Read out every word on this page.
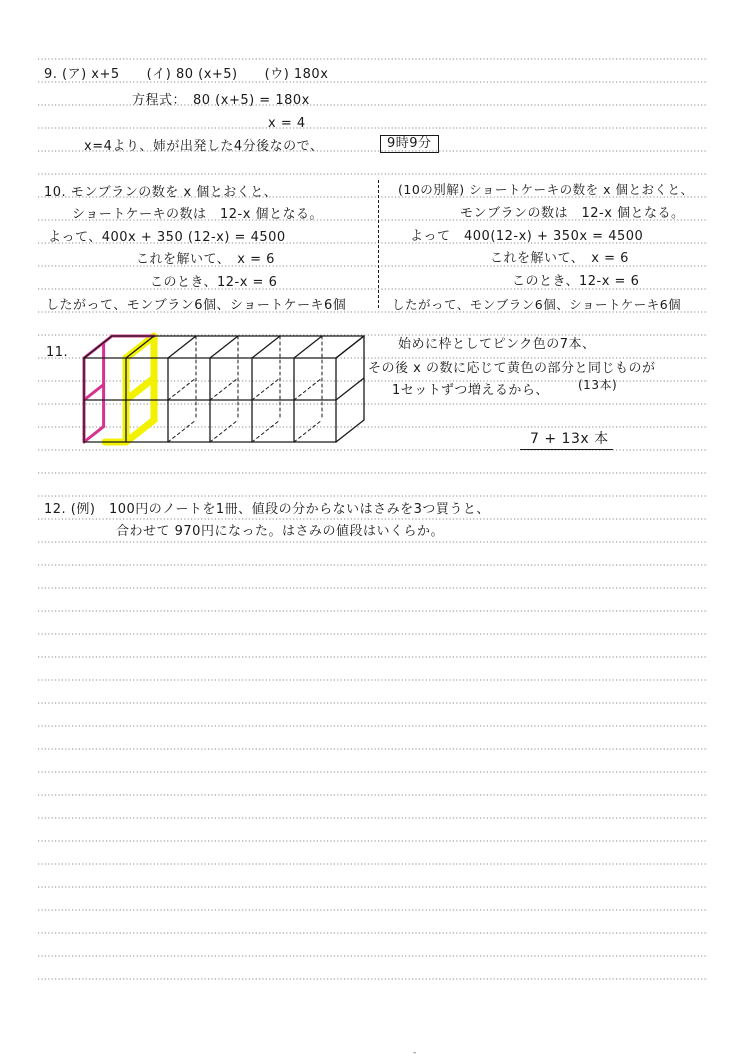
9. (ア) x+5　　(イ) 80 (x+5)　　(ウ) 180x
方程式：　80 (x+5) = 180x
x = 4
x=4より、姉が出発した4分後なので、	9時9分
10. モンブランの数を x 個とおくと、
ショートケーキの数は　12-x 個となる。
よって、400x + 350 (12-x) = 4500
これを解いて、　x = 6
このとき、12-x = 6
したがって、モンブラン6個、ショートケーキ6個
(10の別解) ショートケーキの数を x 個とおくと、
モンブランの数は　12-x 個となる。
よって　400(12-x) + 350x = 4500
これを解いて、　x = 6
このとき、12-x = 6
したがって、モンブラン6個、ショートケーキ6個
11.
始めに枠としてピンク色の7本、
その後 x の数に応じて黄色の部分と同じものが
1セットずつ増えるから、 (13本)
7 + 13x 本
12. (例)　100円のノートを1冊、値段の分からないはさみを3つ買うと、
合わせて 970円になった。はさみの値段はいくらか。
-
